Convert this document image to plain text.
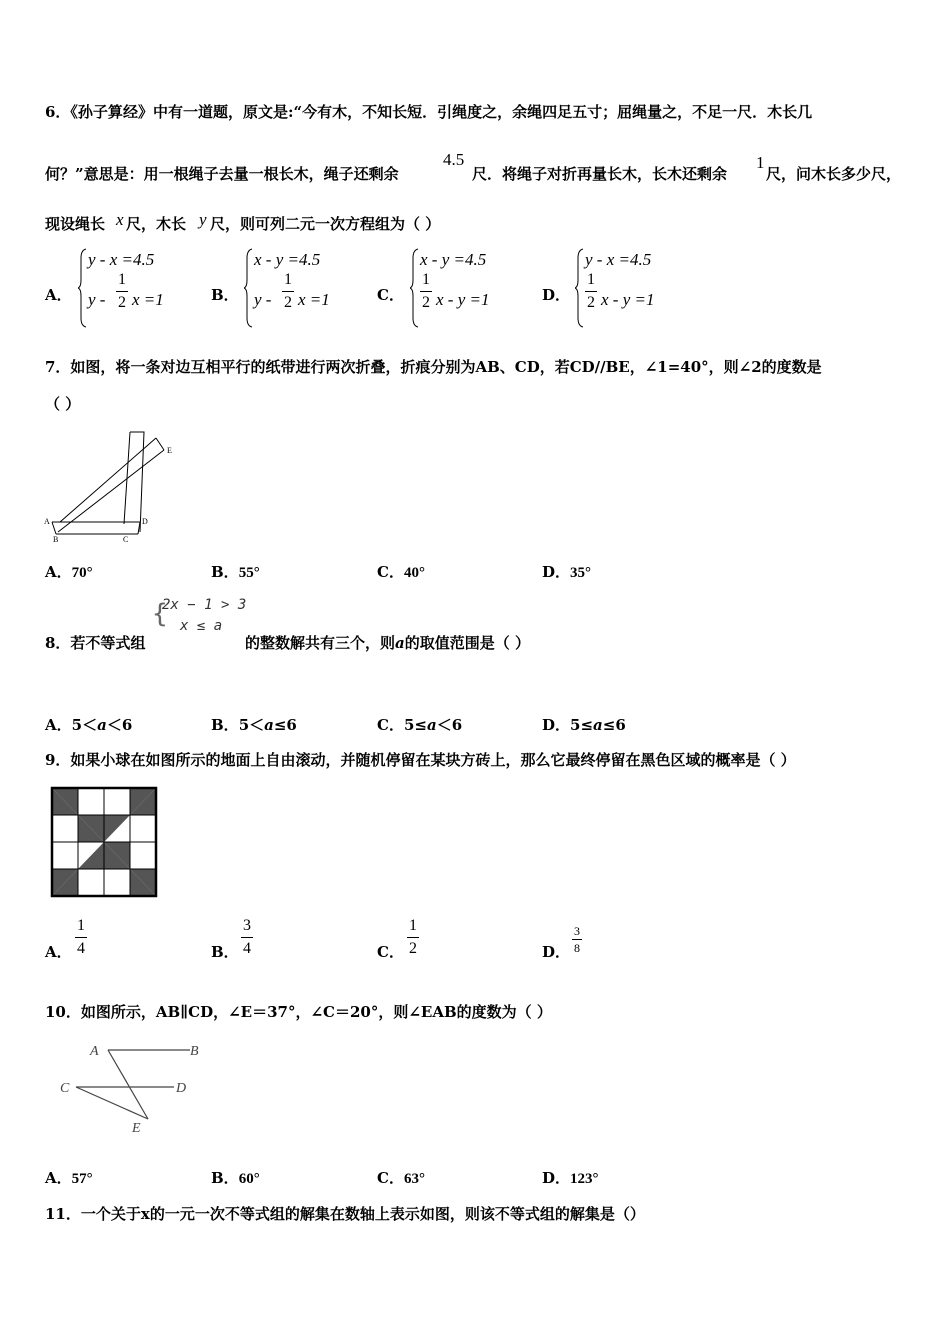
6．《孙子算经》中有一道题，原文是:“今有木，不知长短．引绳度之，余绳四足五寸；屈绳量之，不足一尺．木长几
何？”意思是：用一根绳子去量一根长木，绳子还剩余
4.5
尺．将绳子对折再量长木，长木还剩余
1
尺，问木长多少尺，
现设绳长 x 尺，木长 y 尺，则可列二元一次方程组为（ ）
A．
y - x =4.5
y -
1
2 x =1	B．
x - y =4.5
y -
1
2 x =1	C．
x - y =4.5
1
2 x - y =1	D．
y - x =4.5
1
2 x - y =1
7．如图，将一条对边互相平行的纸带进行两次折叠，折痕分别为AB、CD，若CD//BE，∠1=40°，则∠2的度数是
（ ）
A
B	C
D
E
A．70°	B．55°	C．40°	D．35°
8．若不等式组
{
2x − 1 > 3
x ≤ a
的整数解共有三个，则a的取值范围是（ ）
A．5＜a＜6	B．5＜a≤6	C．5≤a＜6	D．5≤a≤6
9．如果小球在如图所示的地面上自由滚动，并随机停留在某块方砖上，那么它最终停留在黑色区域的概率是（ ）
A．
1
4	B．
3
4	C．
1
2	D．
3
8
10．如图所示，AB∥CD，∠E＝37°，∠C＝20°，则∠EAB的度数为（ ）
A	B
C	D
E
A．57°	B．60°	C．63°	D．123°
11．一个关于x的一元一次不等式组的解集在数轴上表示如图，则该不等式组的解集是（）
